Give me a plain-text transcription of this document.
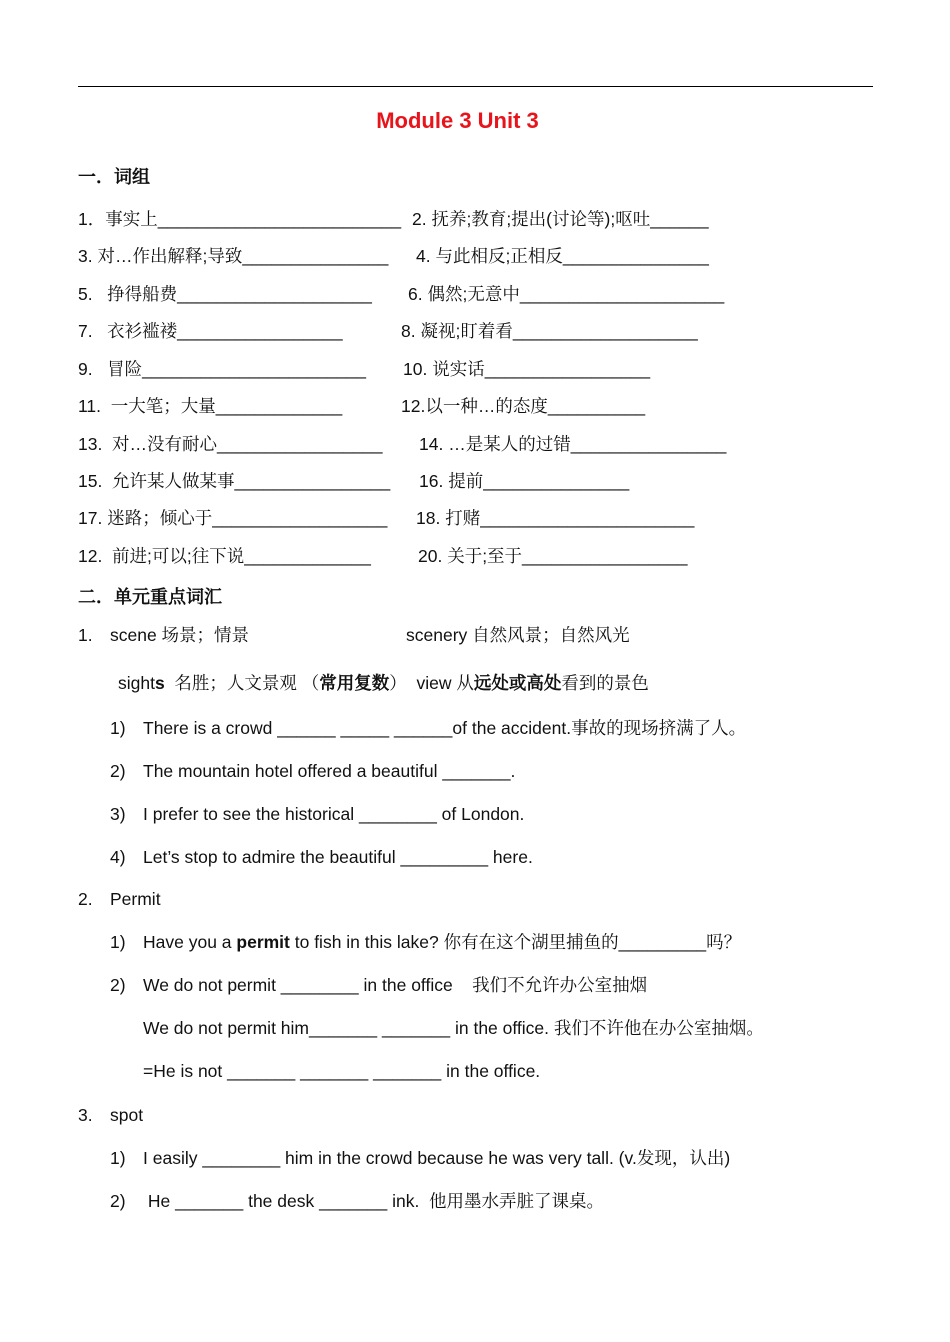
Module 3 Unit 3
一．词组
1．事实上_________________________ 2. 抚养;教育;提出(讨论等);呕吐______
3. 对…作出解释;导致_______________ 4. 与此相反;正相反_______________
5.   挣得船费____________________ 6. 偶然;无意中_____________________
7.   衣衫褴褛_________________	8. 凝视;盯着看___________________
9.   冒险_______________________ 10. 说实话_________________
11.  一大笔；大量_____________	12.以一种…的态度__________
13.  对…没有耐心_________________ 14. …是某人的过错________________
15.  允许某人做某事________________ 16. 提前_______________
17. 迷路；倾心于__________________ 18. 打赌______________________
12.  前进;可以;往下说_____________	20. 关于;至于_________________
二．单元重点词汇
1. scene 场景；情景	scenery 自然风景；自然风光
sights  名胜；人文景观 （常用复数）  view 从远处或高处看到的景色
1) There is a crowd ______ _____ ______of the accident.事故的现场挤满了人。
2) The mountain hotel offered a beautiful _______.
3) I prefer to see the historical ________ of London.
4) Let’s stop to admire the beautiful _________ here.
2. Permit
1) Have you a permit to fish in this lake? 你有在这个湖里捕鱼的_________吗？
2) We do not permit ________ in the office    我们不允许办公室抽烟
We do not permit him_______ _______ in the office. 我们不许他在办公室抽烟。
=He is not _______ _______ _______ in the office.
3. spot
1) I easily ________ him in the crowd because he was very tall. (v.发现，认出)
2) He _______ the desk _______ ink.  他用墨水弄脏了课桌。
